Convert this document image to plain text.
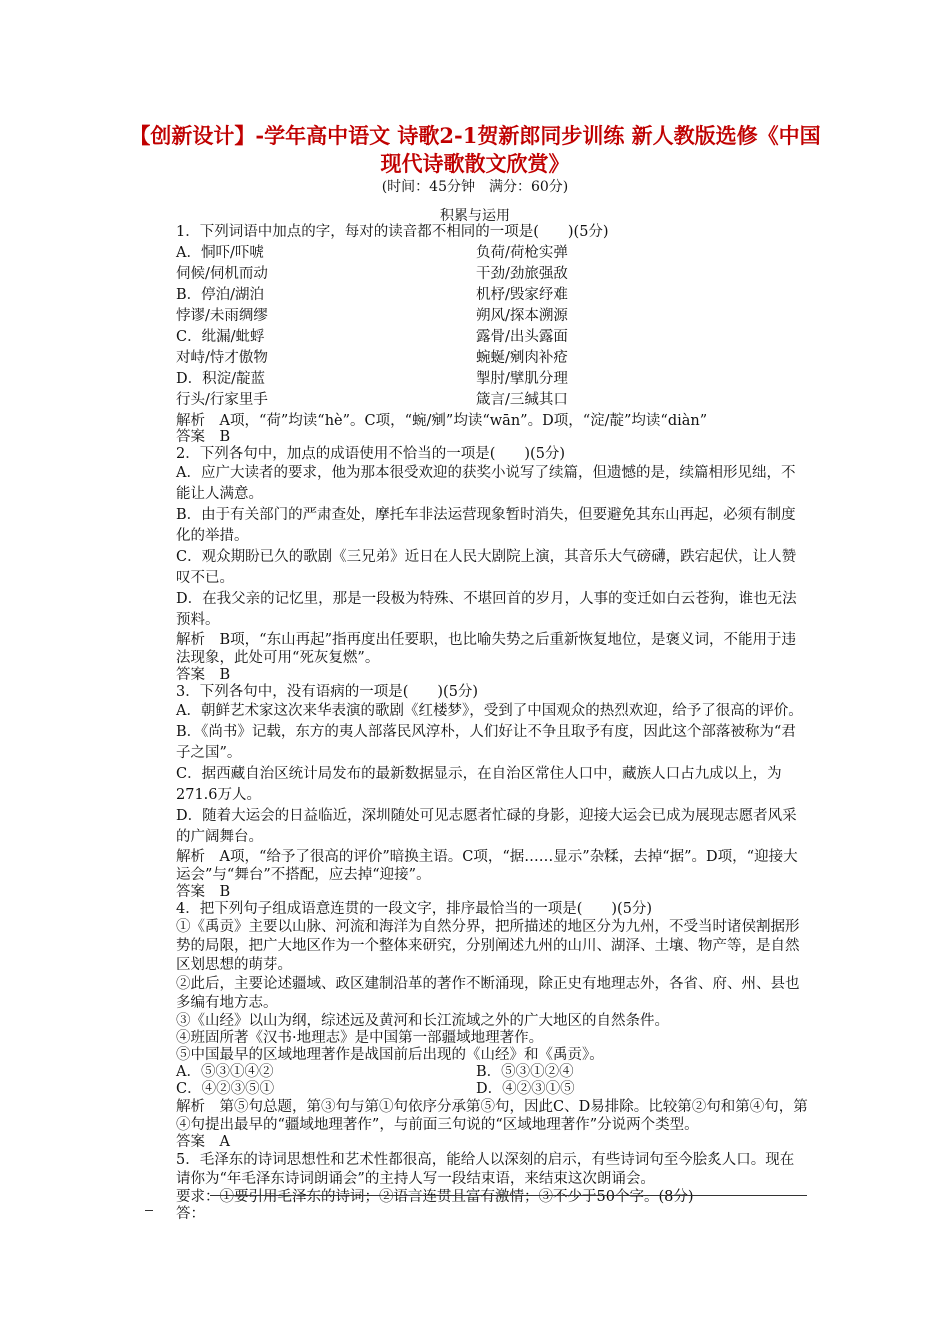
【创新设计】-学年高中语文 诗歌2-1贺新郎同步训练 新人教版选修《中国现代诗歌散文欣赏》
(时间：45分钟　满分：60分)
积累与运用
1．下列词语中加点的字，每对的读音都不相同的一项是(　　)(5分)
A．恫吓/吓唬	负荷/荷枪实弹
伺候/伺机而动	干劲/劲旅强敌
B．停泊/湖泊	机杼/毁家纾难
悖谬/未雨绸缪	朔风/探本溯源
C．纰漏/蚍蜉	露骨/出头露面
对峙/恃才傲物	蜿蜒/剜肉补疮
D．积淀/靛蓝	掣肘/擘肌分理
行头/行家里手	箴言/三缄其口
解析　A项，“荷”均读“hè”。C项，“蜿/剜”均读“wān”。D项，“淀/靛”均读“diàn”
答案　B
2．下列各句中，加点的成语使用不恰当的一项是(　　)(5分)
A．应广大读者的要求，他为那本很受欢迎的获奖小说写了续篇，但遗憾的是，续篇相形见绌，不能让人满意。
B．由于有关部门的严肃查处，摩托车非法运营现象暂时消失，但要避免其东山再起，必须有制度化的举措。
C．观众期盼已久的歌剧《三兄弟》近日在人民大剧院上演，其音乐大气磅礴，跌宕起伏，让人赞叹不已。
D．在我父亲的记忆里，那是一段极为特殊、不堪回首的岁月，人事的变迁如白云苍狗，谁也无法预料。
解析　B项，“东山再起”指再度出任要职，也比喻失势之后重新恢复地位，是褒义词，不能用于违法现象，此处可用“死灰复燃”。
答案　B
3．下列各句中，没有语病的一项是(　　)(5分)
A．朝鲜艺术家这次来华表演的歌剧《红楼梦》，受到了中国观众的热烈欢迎，给予了很高的评价。
B．《尚书》记载，东方的夷人部落民风淳朴，人们好让不争且取予有度，因此这个部落被称为“君子之国”。
C．据西藏自治区统计局发布的最新数据显示，在自治区常住人口中，藏族人口占九成以上，为271.6万人。
D．随着大运会的日益临近，深圳随处可见志愿者忙碌的身影，迎接大运会已成为展现志愿者风采的广阔舞台。
解析　A项，“给予了很高的评价”暗换主语。C项，“据……显示”杂糅，去掉“据”。D项，“迎接大运会”与“舞台”不搭配，应去掉“迎接”。
答案　B
4．把下列句子组成语意连贯的一段文字，排序最恰当的一项是(　　)(5分)
①《禹贡》主要以山脉、河流和海洋为自然分界，把所描述的地区分为九州，不受当时诸侯割据形势的局限，把广大地区作为一个整体来研究，分别阐述九州的山川、湖泽、土壤、物产等，是自然区划思想的萌芽。
②此后，主要论述疆域、政区建制沿革的著作不断涌现，除正史有地理志外，各省、府、州、县也多编有地方志。
③《山经》以山为纲，综述远及黄河和长江流域之外的广大地区的自然条件。
④班固所著《汉书·地理志》是中国第一部疆域地理著作。
⑤中国最早的区域地理著作是战国前后出现的《山经》和《禹贡》。
A．⑤③①④②	B．⑤③①②④
C．④②③⑤①	D．④②③①⑤
解析　第⑤句总题，第③句与第①句依序分承第⑤句，因此C、D易排除。比较第②句和第④句，第④句提出最早的“疆域地理著作”，与前面三句说的“区域地理著作”分说两个类型。
答案　A
5．毛泽东的诗词思想性和艺术性都很高，能给人以深刻的启示，有些诗词句至今脍炙人口。现在请你为“年毛泽东诗词朗诵会”的主持人写一段结束语，来结束这次朗诵会。
要求：①要引用毛泽东的诗词；②语言连贯且富有激情；③不少于50个字。(8分)
答：
